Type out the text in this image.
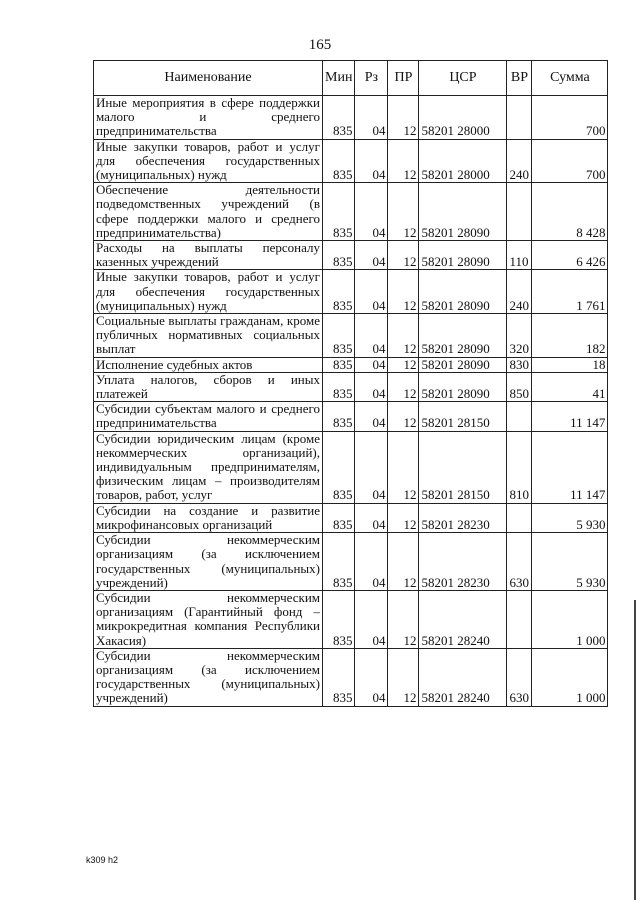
165
Наименование	Мин	Рз	ПР	ЦСР	ВР	Сумма
Иные мероприятия в сфере поддержки малого и среднего предпринимательства	835	04	12	58201 28000		700
Иные закупки товаров, работ и услуг для обеспечения государственных (муниципальных) нужд	835	04	12	58201 28000	240	700
Обеспечение деятельности подведомственных учреждений (в сфере поддержки малого и среднего предпринимательства)	835	04	12	58201 28090		8 428
Расходы на выплаты персоналу казенных учреждений	835	04	12	58201 28090	110	6 426
Иные закупки товаров, работ и услуг для обеспечения государственных (муниципальных) нужд	835	04	12	58201 28090	240	1 761
Социальные выплаты гражданам, кроме публичных нормативных социальных выплат	835	04	12	58201 28090	320	182
Исполнение судебных актов	835	04	12	58201 28090	830	18
Уплата налогов, сборов и иных платежей	835	04	12	58201 28090	850	41
Субсидии субъектам малого и среднего предпринимательства	835	04	12	58201 28150		11 147
Субсидии юридическим лицам (кроме некоммерческих организаций), индивидуальным предпринимателям, физическим лицам – производителям товаров, работ, услуг	835	04	12	58201 28150	810	11 147
Субсидии на создание и развитие микрофинансовых организаций	835	04	12	58201 28230		5 930
Субсидии некоммерческим организациям (за исключением государственных (муниципальных) учреждений)	835	04	12	58201 28230	630	5 930
Субсидии некоммерческим организациям (Гарантийный фонд – микрокредитная компания Республики Хакасия)	835	04	12	58201 28240		1 000
Субсидии некоммерческим организациям (за исключением государственных (муниципальных) учреждений)	835	04	12	58201 28240	630	1 000
k309 h2
